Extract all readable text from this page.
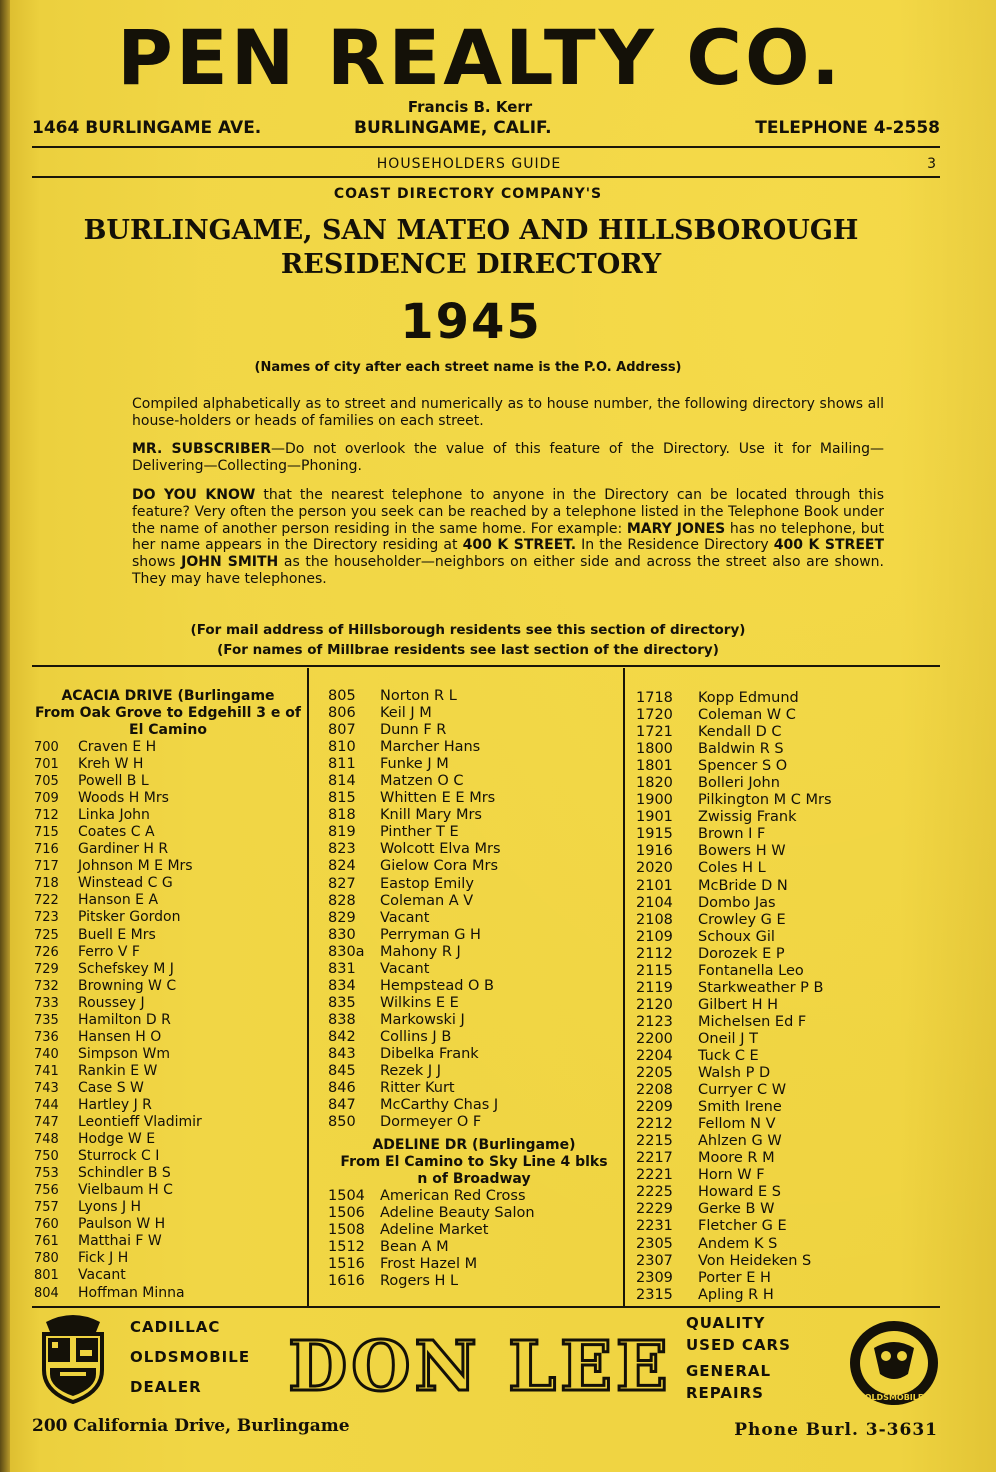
PEN REALTY CO.
Francis B. Kerr
1464 BURLINGAME AVE.	BURLINGAME, CALIF.	TELEPHONE 4-2558
HOUSEHOLDERS GUIDE	3
COAST DIRECTORY COMPANY'S
BURLINGAME, SAN MATEO AND HILLSBOROUGH
RESIDENCE DIRECTORY
1945
(Names of city after each street name is the P.O. Address)
Compiled alphabetically as to street and numerically as to house number, the following directory shows all house-holders or heads of families on each street.
MR. SUBSCRIBER—Do not overlook the value of this feature of the Directory. Use it for Mailing—Delivering—Collecting—Phoning.
DO YOU KNOW that the nearest telephone to anyone in the Directory can be located through this feature? Very often the person you seek can be reached by a telephone listed in the Telephone Book under the name of another person residing in the same home. For example: MARY JONES has no telephone, but her name appears in the Directory residing at 400 K STREET. In the Residence Directory 400 K STREET shows JOHN SMITH as the householder—neighbors on either side and across the street also are shown. They may have telephones.
(For mail address of Hillsborough residents see this section of directory)
(For names of Millbrae residents see last section of the directory)
ACACIA DRIVE (Burlingame
From Oak Grove to Edgehill 3 e of
El Camino
700 Craven E H
701 Kreh W H
705 Powell B L
709 Woods H Mrs
712 Linka John
715 Coates C A
716 Gardiner H R
717 Johnson M E Mrs
718 Winstead C G
722 Hanson E A
723 Pitsker Gordon
725 Buell E Mrs
726 Ferro V F
729 Schefskey M J
732 Browning W C
733 Roussey J
735 Hamilton D R
736 Hansen H O
740 Simpson Wm
741 Rankin E W
743 Case S W
744 Hartley J R
747 Leontieff Vladimir
748 Hodge W E
750 Sturrock C I
753 Schindler B S
756 Vielbaum H C
757 Lyons J H
760 Paulson W H
761 Matthai F W
780 Fick J H
801 Vacant
804 Hoffman Minna
805 Norton R L
806 Keil J M
807 Dunn F R
810 Marcher Hans
811 Funke J M
814 Matzen O C
815 Whitten E E Mrs
818 Knill Mary Mrs
819 Pinther T E
823 Wolcott Elva Mrs
824 Gielow Cora Mrs
827 Eastop Emily
828 Coleman A V
829 Vacant
830 Perryman G H
830a Mahony R J
831 Vacant
834 Hempstead O B
835 Wilkins E E
838 Markowski J
842 Collins J B
843 Dibelka Frank
845 Rezek J J
846 Ritter Kurt
847 McCarthy Chas J
850 Dormeyer O F
ADELINE DR (Burlingame)
From El Camino to Sky Line 4 blks
n of Broadway
1504 American Red Cross
1506 Adeline Beauty Salon
1508 Adeline Market
1512 Bean A M
1516 Frost Hazel M
1616 Rogers H L
1718 Kopp Edmund
1720 Coleman W C
1721 Kendall D C
1800 Baldwin R S
1801 Spencer S O
1820 Bolleri John
1900 Pilkington M C Mrs
1901 Zwissig Frank
1915 Brown I F
1916 Bowers H W
2020 Coles H L
2101 McBride D N
2104 Dombo Jas
2108 Crowley G E
2109 Schoux Gil
2112 Dorozek E P
2115 Fontanella Leo
2119 Starkweather P B
2120 Gilbert H H
2123 Michelsen Ed F
2200 Oneil J T
2204 Tuck C E
2205 Walsh P D
2208 Curryer C W
2209 Smith Irene
2212 Fellom N V
2215 Ahlzen G W
2217 Moore R M
2221 Horn W F
2225 Howard E S
2229 Gerke B W
2231 Fletcher G E
2305 Andem K S
2307 Von Heideken S
2309 Porter E H
2315 Apling R H
CADILLAC
OLDSMOBILE
DEALER	DON LEE
QUALITY
USED CARS
GENERAL
REPAIRS	OLDSMOBILE
200 California Drive, Burlingame	Phone Burl. 3-3631
